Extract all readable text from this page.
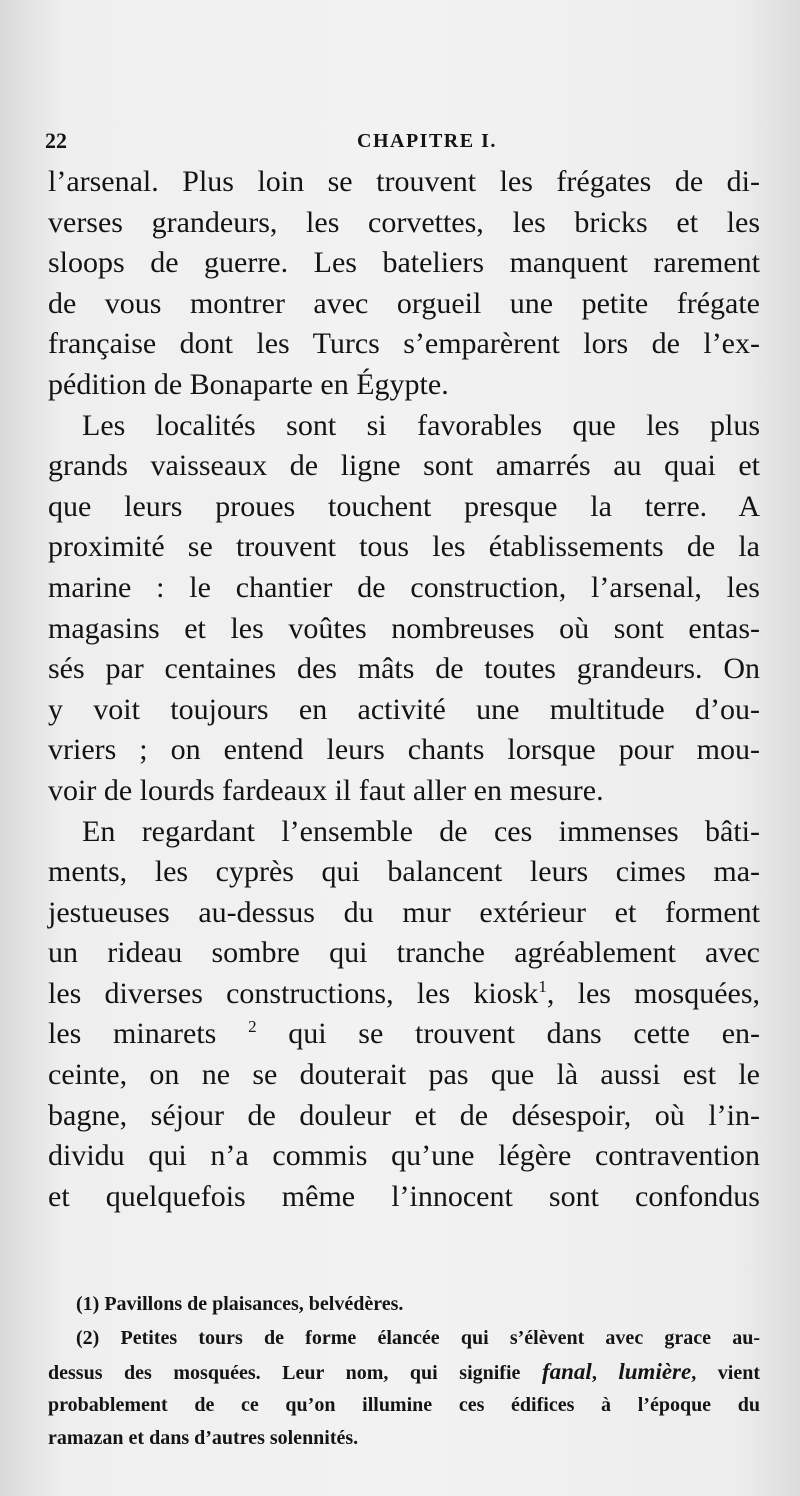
22	CHAPITRE I.
l’arsenal. Plus loin se trouvent les frégates de di-
verses grandeurs, les corvettes, les bricks et les
sloops de guerre. Les bateliers manquent rarement
de vous montrer avec orgueil une petite frégate
française dont les Turcs s’emparèrent lors de l’ex-
pédition de Bonaparte en Égypte.
Les localités sont si favorables que les plus
grands vaisseaux de ligne sont amarrés au quai et
que leurs proues touchent presque la terre. A
proximité se trouvent tous les établissements de la
marine : le chantier de construction, l’arsenal, les
magasins et les voûtes nombreuses où sont entas-
sés par centaines des mâts de toutes grandeurs. On
y voit toujours en activité une multitude d’ou-
vriers ; on entend leurs chants lorsque pour mou-
voir de lourds fardeaux il faut aller en mesure.
En regardant l’ensemble de ces immenses bâti-
ments, les cyprès qui balancent leurs cimes ma-
jestueuses au-dessus du mur extérieur et forment
un rideau sombre qui tranche agréablement avec
les diverses constructions, les kiosk$^1$, les mosquées,
les minarets $^2$ qui se trouvent dans cette en-
ceinte, on ne se douterait pas que là aussi est le
bagne, séjour de douleur et de désespoir, où l’in-
dividu qui n’a commis qu’une légère contravention
et quelquefois même l’innocent sont confondus
(1) Pavillons de plaisances, belvédères.
(2) Petites tours de forme élancée qui s’élèvent avec grace au-
dessus des mosquées. Leur nom, qui signifie fanal, lumière, vient
probablement de ce qu’on illumine ces édifices à l’époque du
ramazan et dans d’autres solennités.
